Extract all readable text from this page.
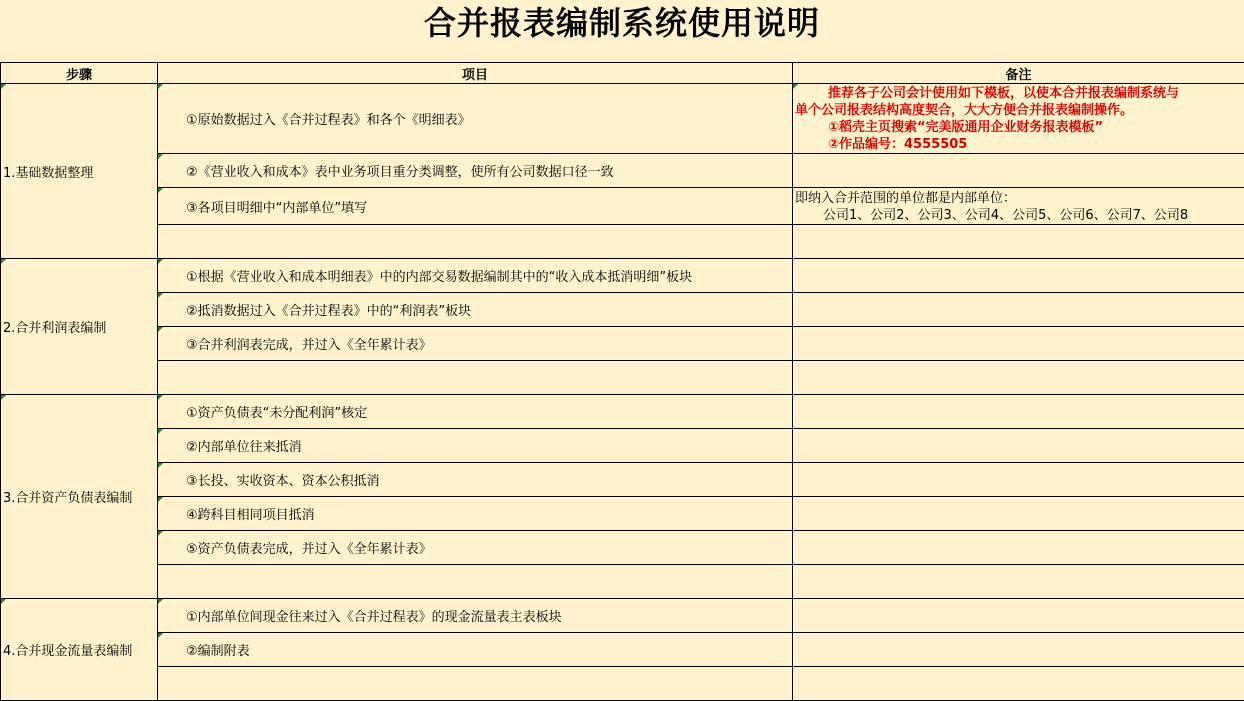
合并报表编制系统使用说明
步骤	项目	备注

1.基础数据整理	①原始数据过入《合并过程表》和各个《明细表》	推荐各子公司会计使用如下模板，以使本合并报表编制系统与
单个公司报表结构高度契合，大大方便合并报表编制操作。
①稻壳主页搜索“完美版通用企业财务报表模板”
②作品编号：4555505

②《营业收入和成本》表中业务项目重分类调整，使所有公司数据口径一致	

③各项目明细中“内部单位”填写	即纳入合并范围的单位都是内部单位：
公司1、公司2、公司3、公司4、公司5、公司6、公司7、公司8

2.合并利润表编制	①根据《营业收入和成本明细表》中的内部交易数据编制其中的“收入成本抵消明细”板块	

②抵消数据过入《合并过程表》中的“利润表”板块	

③合并利润表完成，并过入《全年累计表》	

3.合并资产负债表编制	①资产负债表“未分配利润”核定	

②内部单位往来抵消	

③长投、实收资本、资本公积抵消	

④跨科目相同项目抵消	

⑤资产负债表完成，并过入《全年累计表》	

4.合并现金流量表编制	①内部单位间现金往来过入《合并过程表》的现金流量表主表板块	

②编制附表	
